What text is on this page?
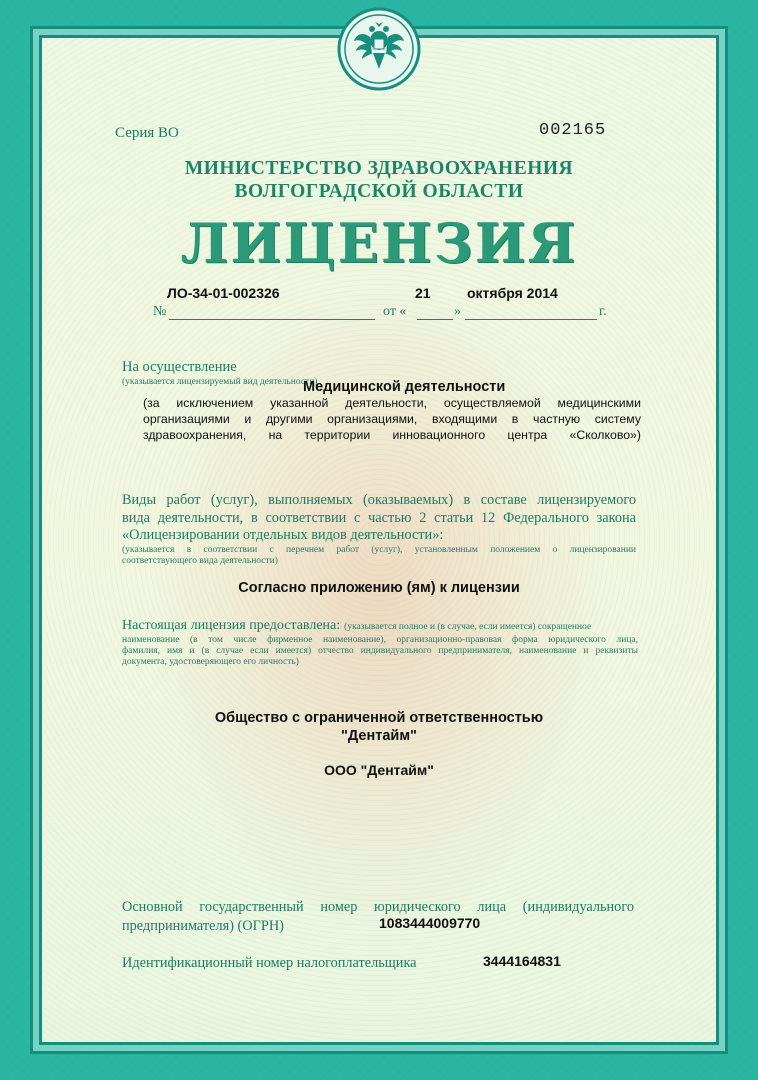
Серия ВО	002165
МИНИСТЕРСТВО ЗДРАВООХРАНЕНИЯ
ВОЛГОГРАДСКОЙ ОБЛАСТИ
ЛИЦЕНЗИЯ
ЛО-34-01-002326	21	октября 2014
№	от «	»	г.
На осуществление
(указывается лицензируемый вид деятельности)
Медицинской деятельности
(за исключением указанной деятельности, осуществляемой медицинскими
организациями и другими организациями, входящими в частную систему
здравоохранения, на территории инновационного центра «Сколково»)
Виды работ (услуг), выполняемых (оказываемых) в составе лицензируемого
вида деятельности, в соответствии с частью 2 статьи 12 Федерального закона
«Олицензировании отдельных видов деятельности»:
(указывается в соответствии с перечнем работ (услуг), установленным положением о лицензировании
соответствующего вида деятельности)
Согласно приложению (ям) к лицензии
Настоящая лицензия предоставлена: (указывается полное и (в случае, если имеется) сокращенное
наименование (в том числе фирменное наименование), организационно-правовая форма юридического лица,
фамилия, имя и (в случае если имеется) отчество индивидуального предпринимателя, наименование и реквизиты
документа, удостоверяющего его личность)
Общество с ограниченной ответственностью
"Дентайм"
ООО "Дентайм"
Основной государственный номер юридического лица (индивидуального
предпринимателя) (ОГРН)	1083444009770
Идентификационный номер налогоплательщика	3444164831
